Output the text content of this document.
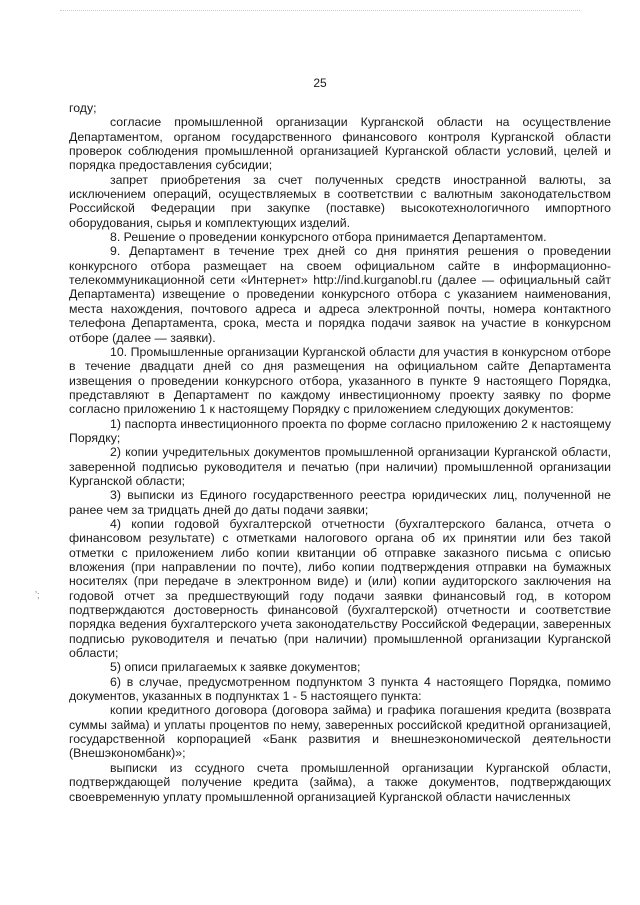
25
ʼ;

году;

согласие промышленной организации Курганской области на осуществление Департаментом, органом государственного финансового контроля Курганской области проверок соблюдения промышленной организацией Курганской области условий, целей и порядка предоставления субсидии;

запрет приобретения за счет полученных средств иностранной валюты, за исключением операций, осуществляемых в соответствии с валютным законодательством Российской Федерации при закупке (поставке) высокотехнологичного импортного оборудования, сырья и комплектующих изделий.

8. Решение о проведении конкурсного отбора принимается Департаментом.

9. Департамент в течение трех дней со дня принятия решения о проведении конкурсного отбора размещает на своем официальном сайте в информационно-телекоммуникационной сети «Интернет» http://ind.kurganobl.ru (далее — официальный сайт Департамента) извещение о проведении конкурсного отбора с указанием наименования, места нахождения, почтового адреса и адреса электронной почты, номера контактного телефона Департамента, срока, места и порядка подачи заявок на участие в конкурсном отборе (далее — заявки).

10. Промышленные организации Курганской области для участия в конкурсном отборе в течение двадцати дней со дня размещения на официальном сайте Департамента извещения о проведении конкурсного отбора, указанного в пункте 9 настоящего Порядка, представляют в Департамент по каждому инвестиционному проекту заявку по форме согласно приложению 1 к настоящему Порядку с приложением следующих документов:

1) паспорта инвестиционного проекта по форме согласно приложению 2 к настоящему Порядку;

2) копии учредительных документов промышленной организации Курганской области, заверенной подписью руководителя и печатью (при наличии) промышленной организации Курганской области;

3) выписки из Единого государственного реестра юридических лиц, полученной не ранее чем за тридцать дней до даты подачи заявки;

4) копии годовой бухгалтерской отчетности (бухгалтерского баланса, отчета о финансовом результате) с отметками налогового органа об их принятии или без такой отметки с приложением либо копии квитанции об отправке заказного письма с описью вложения (при направлении по почте), либо копии подтверждения отправки на бумажных носителях (при передаче в электронном виде) и (или) копии аудиторского заключения на годовой отчет за предшествующий году подачи заявки финансовый год, в котором подтверждаются достоверность финансовой (бухгалтерской) отчетности и соответствие порядка ведения бухгалтерского учета законодательству Российской Федерации, заверенных подписью руководителя и печатью (при наличии) промышленной организации Курганской области;

5) описи прилагаемых к заявке документов;

6) в случае, предусмотренном подпунктом 3 пункта 4 настоящего Порядка, помимо документов, указанных в подпунктах 1 - 5 настоящего пункта:

копии кредитного договора (договора займа) и графика погашения кредита (возврата суммы займа) и уплаты процентов по нему, заверенных российской кредитной организацией, государственной корпорацией «Банк развития и внешнеэкономической деятельности (Внешэкономбанк)»;

выписки из ссудного счета промышленной организации Курганской области, подтверждающей получение кредита (займа), а также документов, подтверждающих своевременную уплату промышленной организацией Курганской области начисленных
